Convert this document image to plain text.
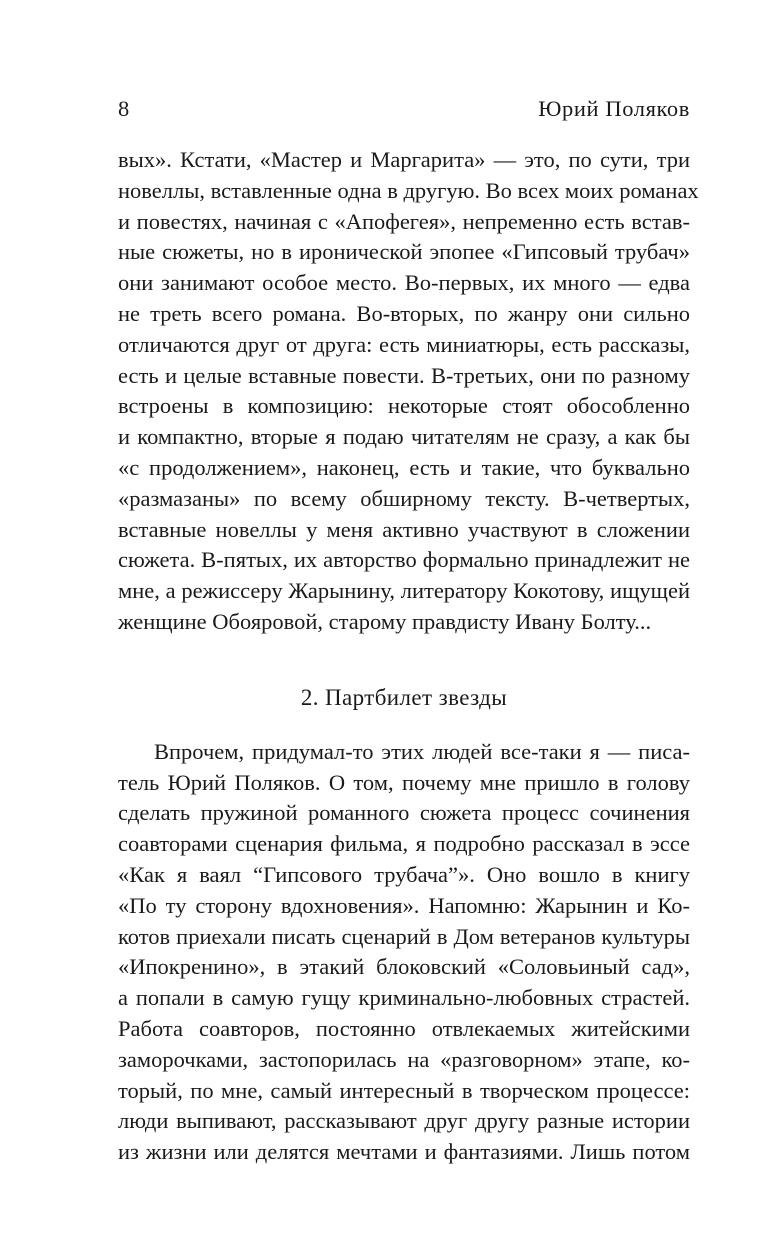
8	Юрий Поляков
вых». Кстати, «Мастер и Маргарита» — это, по сути, три
новеллы, вставленные одна в другую. Во всех моих романах
и повестях, начиная с «Апофегея», непременно есть встав-
ные сюжеты, но в иронической эпопее «Гипсовый трубач»
они занимают особое место. Во-первых, их много — едва
не треть всего романа. Во-вторых, по жанру они сильно
отличаются друг от друга: есть миниатюры, есть рассказы,
есть и целые вставные повести. В-третьих, они по разному
встроены в композицию: некоторые стоят обособленно
и компактно, вторые я подаю читателям не сразу, а как бы
«с продолжением», наконец, есть и такие, что буквально
«размазаны» по всему обширному тексту. В-четвертых,
вставные новеллы у меня активно участвуют в сложении
сюжета. В-пятых, их авторство формально принадлежит не
мне, а режиссеру Жарынину, литератору Кокотову, ищущей
женщине Обояровой, старому правдисту Ивану Болту...
2. Партбилет звезды
Впрочем, придумал-то этих людей все-таки я — писа-
тель Юрий Поляков. О том, почему мне пришло в голову
сделать пружиной романного сюжета процесс сочинения
соавторами сценария фильма, я подробно рассказал в эссе
«Как я ваял “Гипсового трубача”». Оно вошло в книгу
«По ту сторону вдохновения». Напомню: Жарынин и Ко-
котов приехали писать сценарий в Дом ветеранов культуры
«Ипокренино», в этакий блоковский «Соловьиный сад»,
а попали в самую гущу криминально-любовных страстей.
Работа соавторов, постоянно отвлекаемых житейскими
заморочками, застопорилась на «разговорном» этапе, ко-
торый, по мне, самый интересный в творческом процессе:
люди выпивают, рассказывают друг другу разные истории
из жизни или делятся мечтами и фантазиями. Лишь потом
